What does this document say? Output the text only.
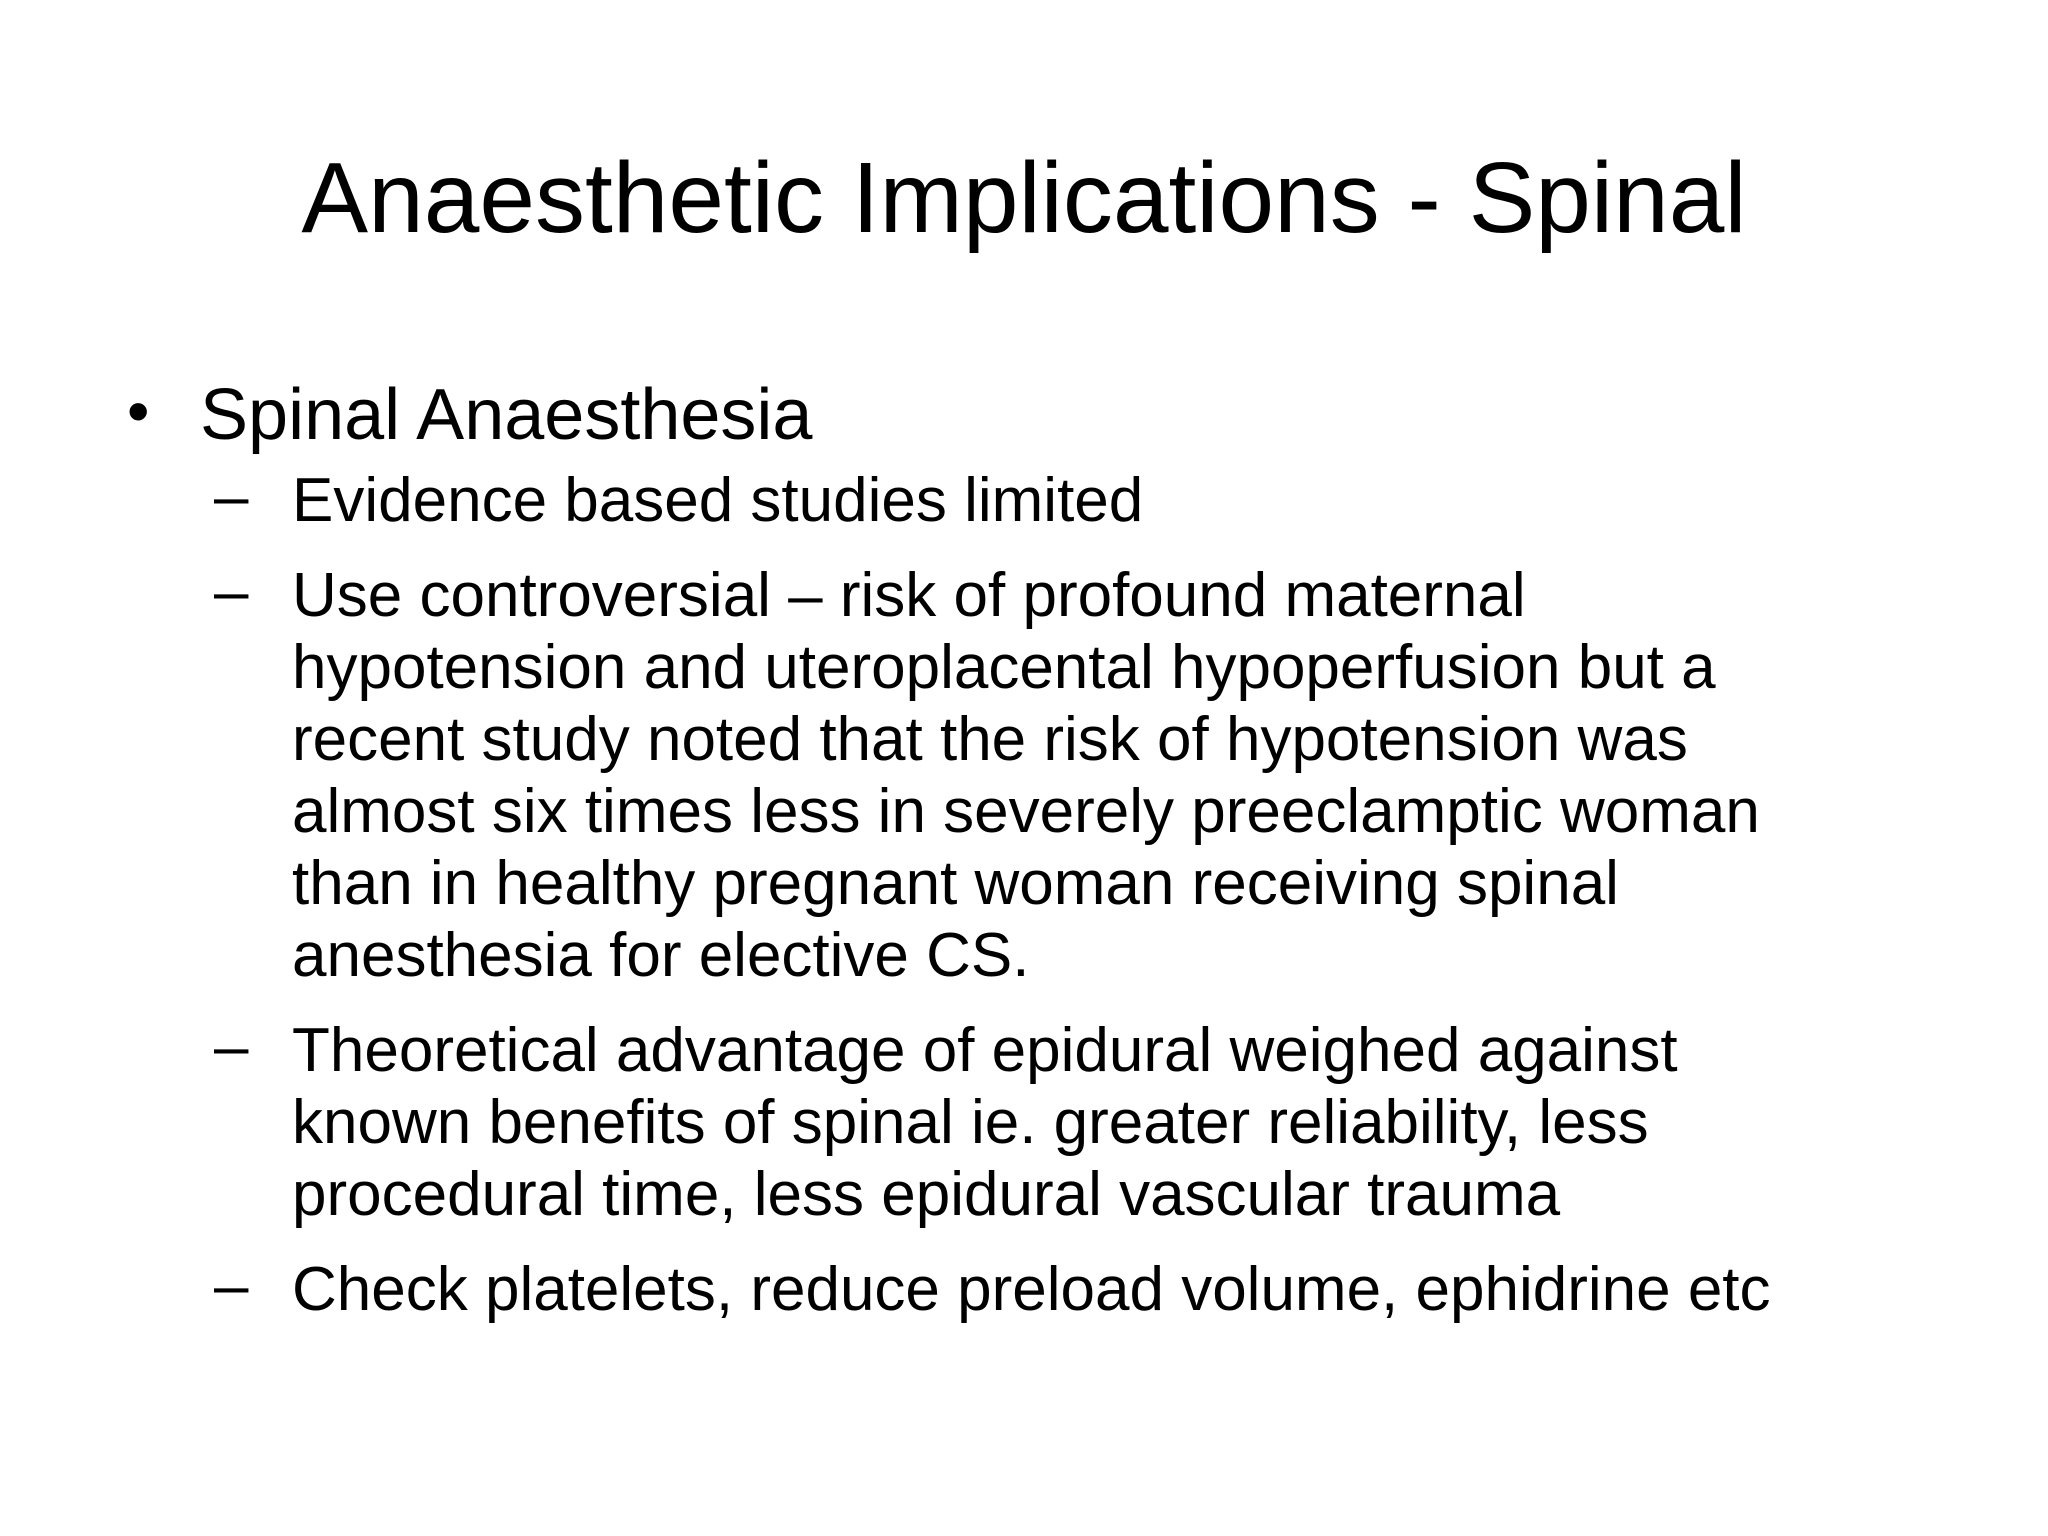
Anaesthetic Implications - Spinal
• Spinal Anaesthesia
– Evidence based studies limited
– Use controversial – risk of profound maternal
hypotension and uteroplacental hypoperfusion but a
recent study noted that the risk of hypotension was
almost six times less in severely preeclamptic woman
than in healthy pregnant woman receiving spinal
anesthesia for elective CS.
– Theoretical advantage of epidural weighed against
known benefits of spinal ie. greater reliability, less
procedural time, less epidural vascular trauma
– Check platelets, reduce preload volume, ephidrine etc
